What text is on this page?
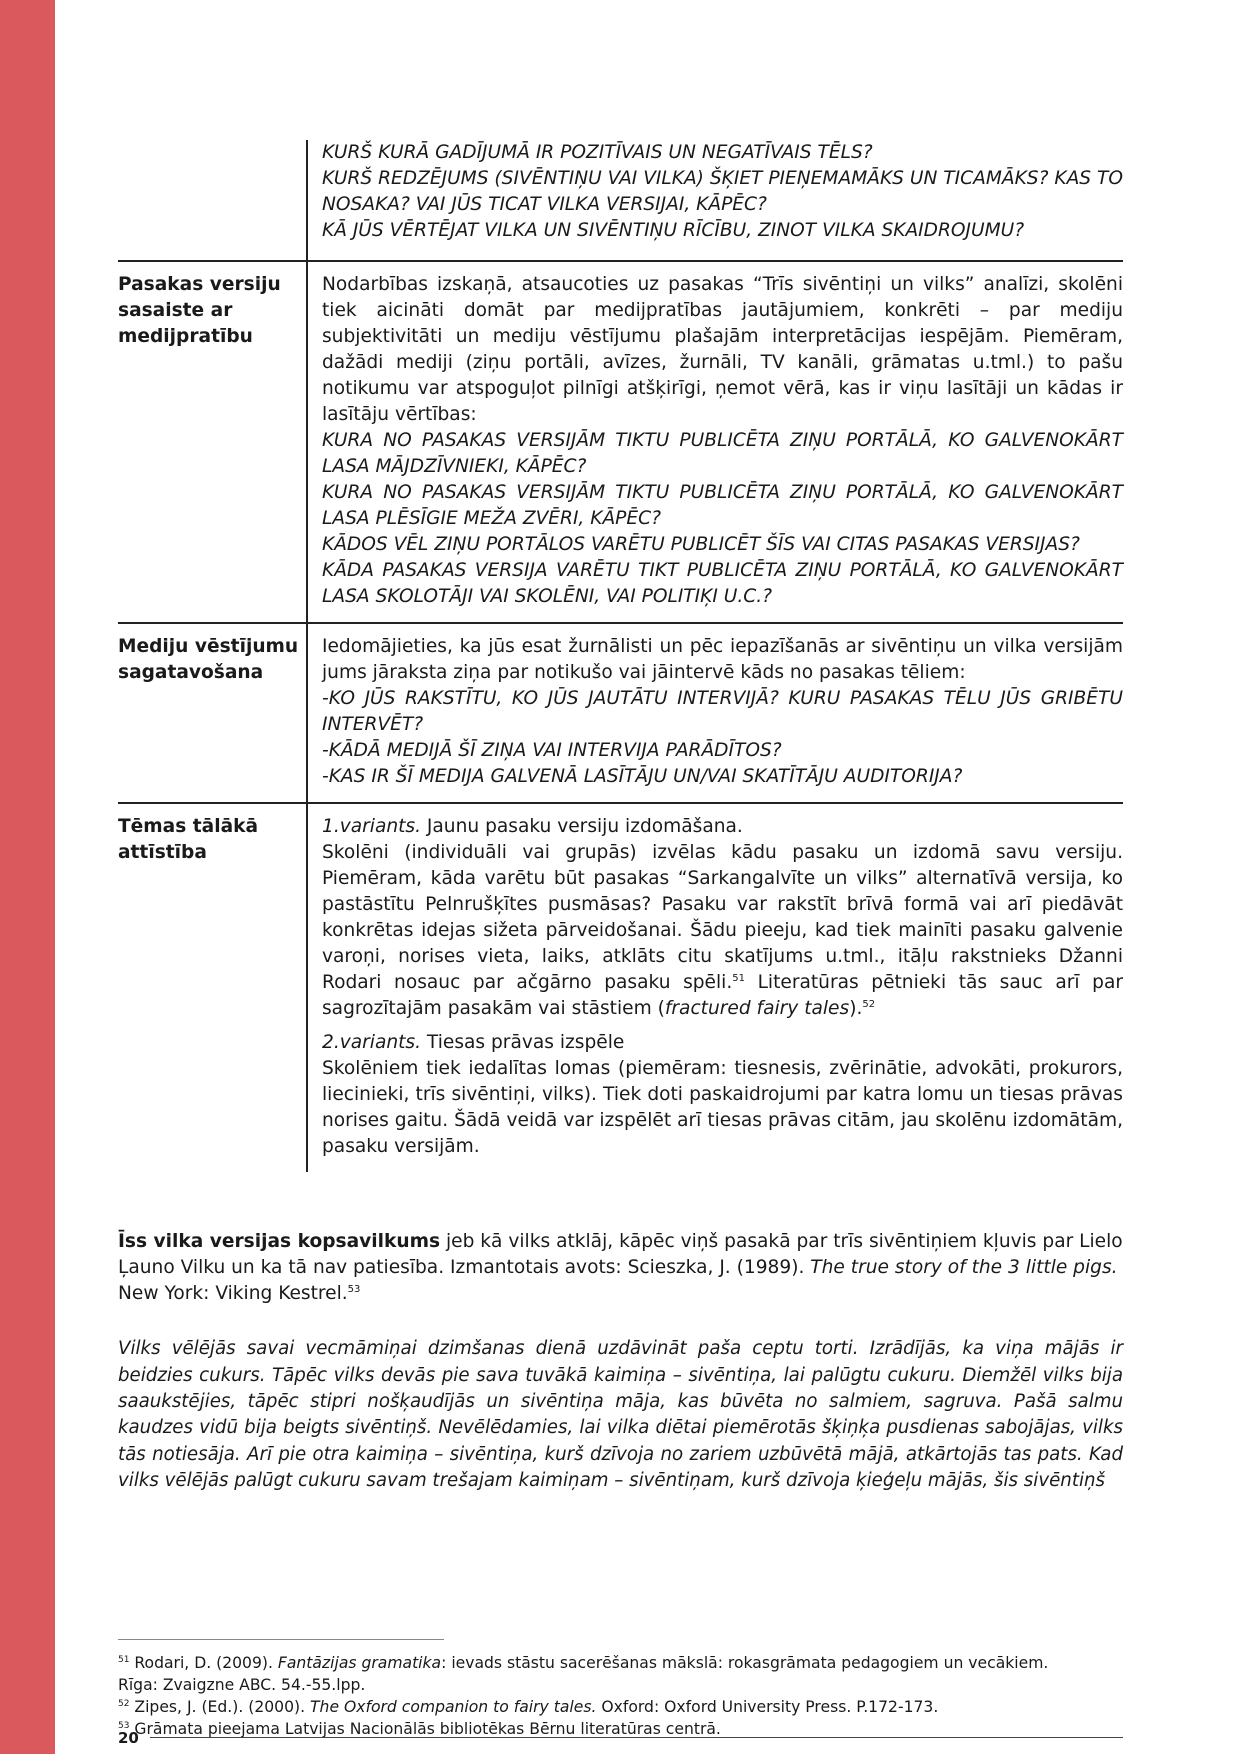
KURŠ KURĀ GADĪJUMĀ IR POZITĪVAIS UN NEGATĪVAIS TĒLS?
KURŠ REDZĒJUMS (SIVĒNTIŅU VAI VILKA) ŠĶIET PIEŅEMAMĀKS UN TICAMĀKS? KAS TO NOSAKA? VAI JŪS TICAT VILKA VERSIJAI, KĀPĒC?
KĀ JŪS VĒRTĒJAT VILKA UN SIVĒNTIŅU RĪCĪBU, ZINOT VILKA SKAIDROJUMU?
Pasakas versiju sasaiste ar medijpratību
Nodarbības izskaņā, atsaucoties uz pasakas “Trīs sivēntiņi un vilks” analīzi, skolēni tiek aicināti domāt par medijpratības jautājumiem, konkrēti – par mediju subjektivitāti un mediju vēstījumu plašajām interpretācijas iespējām. Piemēram, dažādi mediji (ziņu portāli, avīzes, žurnāli, TV kanāli, grāmatas u.tml.) to pašu notikumu var atspoguļot pilnīgi atšķirīgi, ņemot vērā, kas ir viņu lasītāji un kādas ir lasītāju vērtības:
KURA NO PASAKAS VERSIJĀM TIKTU PUBLICĒTA ZIŅU PORTĀLĀ, KO GALVENOKĀRT LASA MĀJDZĪVNIEKI, KĀPĒC?
KURA NO PASAKAS VERSIJĀM TIKTU PUBLICĒTA ZIŅU PORTĀLĀ, KO GALVENOKĀRT LASA PLĒSĪGIE MEŽA ZVĒRI, KĀPĒC?
KĀDOS VĒL ZIŅU PORTĀLOS VARĒTU PUBLICĒT ŠĪS VAI CITAS PASAKAS VERSIJAS?
KĀDA PASAKAS VERSIJA VARĒTU TIKT PUBLICĒTA ZIŅU PORTĀLĀ, KO GALVENOKĀRT LASA SKOLOTĀJI VAI SKOLĒNI, VAI POLITIĶI U.C.?
Mediju vēstījumu sagatavošana
Iedomājieties, ka jūs esat žurnālisti un pēc iepazīšanās ar sivēntiņu un vilka versijām jums jāraksta ziņa par notikušo vai jāintervē kāds no pasakas tēliem:
-KO JŪS RAKSTĪTU, KO JŪS JAUTĀTU INTERVIJĀ? KURU PASAKAS TĒLU JŪS GRIBĒTU INTERVĒT?
-KĀDĀ MEDIJĀ ŠĪ ZIŅA VAI INTERVIJA PARĀDĪTOS?
-KAS IR ŠĪ MEDIJA GALVENĀ LASĪTĀJU UN/VAI SKATĪTĀJU AUDITORIJA?
Tēmas tālākā attīstība
1.variants. Jaunu pasaku versiju izdomāšana.
Skolēni (individuāli vai grupās) izvēlas kādu pasaku un izdomā savu versiju. Piemēram, kāda varētu būt pasakas “Sarkangalvīte un vilks” alternatīvā versija, ko pastāstītu Pelnrušķītes pusmāsas? Pasaku var rakstīt brīvā formā vai arī piedāvāt konkrētas idejas sižeta pārveidošanai. Šādu pieeju, kad tiek mainīti pasaku galvenie varoņi, norises vieta, laiks, atklāts citu skatījums u.tml., itāļu rakstnieks Džanni Rodari nosauc par ačgārno pasaku spēli.$^{51}$ Literatūras pētnieki tās sauc arī par sagrozītajām pasakām vai stāstiem (fractured fairy tales).$^{52}$
2.variants. Tiesas prāvas izspēle
Skolēniem tiek iedalītas lomas (piemēram: tiesnesis, zvērinātie, advokāti, prokurors, liecinieki, trīs sivēntiņi, vilks). Tiek doti paskaidrojumi par katra lomu un tiesas prāvas norises gaitu. Šādā veidā var izspēlēt arī tiesas prāvas citām, jau skolēnu izdomātām, pasaku versijām.

Īss vilka versijas kopsavilkums jeb kā vilks atklāj, kāpēc viņš pasakā par trīs sivēntiņiem kļuvis par Lielo Ļauno Vilku un ka tā nav patiesība. Izmantotais avots: Scieszka, J. (1989). The true story of the 3 little pigs. New York: Viking Kestrel.$^{53}$

Vilks vēlējās savai vecmāmiņai dzimšanas dienā uzdāvināt paša ceptu torti. Izrādījās, ka viņa mājās ir beidzies cukurs. Tāpēc vilks devās pie sava tuvākā kaimiņa – sivēntiņa, lai palūgtu cukuru. Diemžēl vilks bija saaukstējies, tāpēc stipri nošķaudījās un sivēntiņa māja, kas būvēta no salmiem, sagruva. Pašā salmu kaudzes vidū bija beigts sivēntiņš. Nevēlēdamies, lai vilka diētai piemērotās šķiņķa pusdienas sabojājas, vilks tās notiesāja. Arī pie otra kaimiņa – sivēntiņa, kurš dzīvoja no zariem uzbūvētā mājā, atkārtojās tas pats. Kad vilks vēlējās palūgt cukuru savam trešajam kaimiņam – sivēntiņam, kurš dzīvoja ķieģeļu mājās, šis sivēntiņš

$^{51}$ Rodari, D. (2009). Fantāzijas gramatika: ievads stāstu sacerēšanas mākslā: rokasgrāmata pedagogiem un vecākiem.
Rīga: Zvaigzne ABC. 54.-55.lpp.
$^{52}$ Zipes, J. (Ed.). (2000). The Oxford companion to fairy tales. Oxford: Oxford University Press. P.172-173.
$^{53}$ Grāmata pieejama Latvijas Nacionālās bibliotēkas Bērnu literatūras centrā.
20
